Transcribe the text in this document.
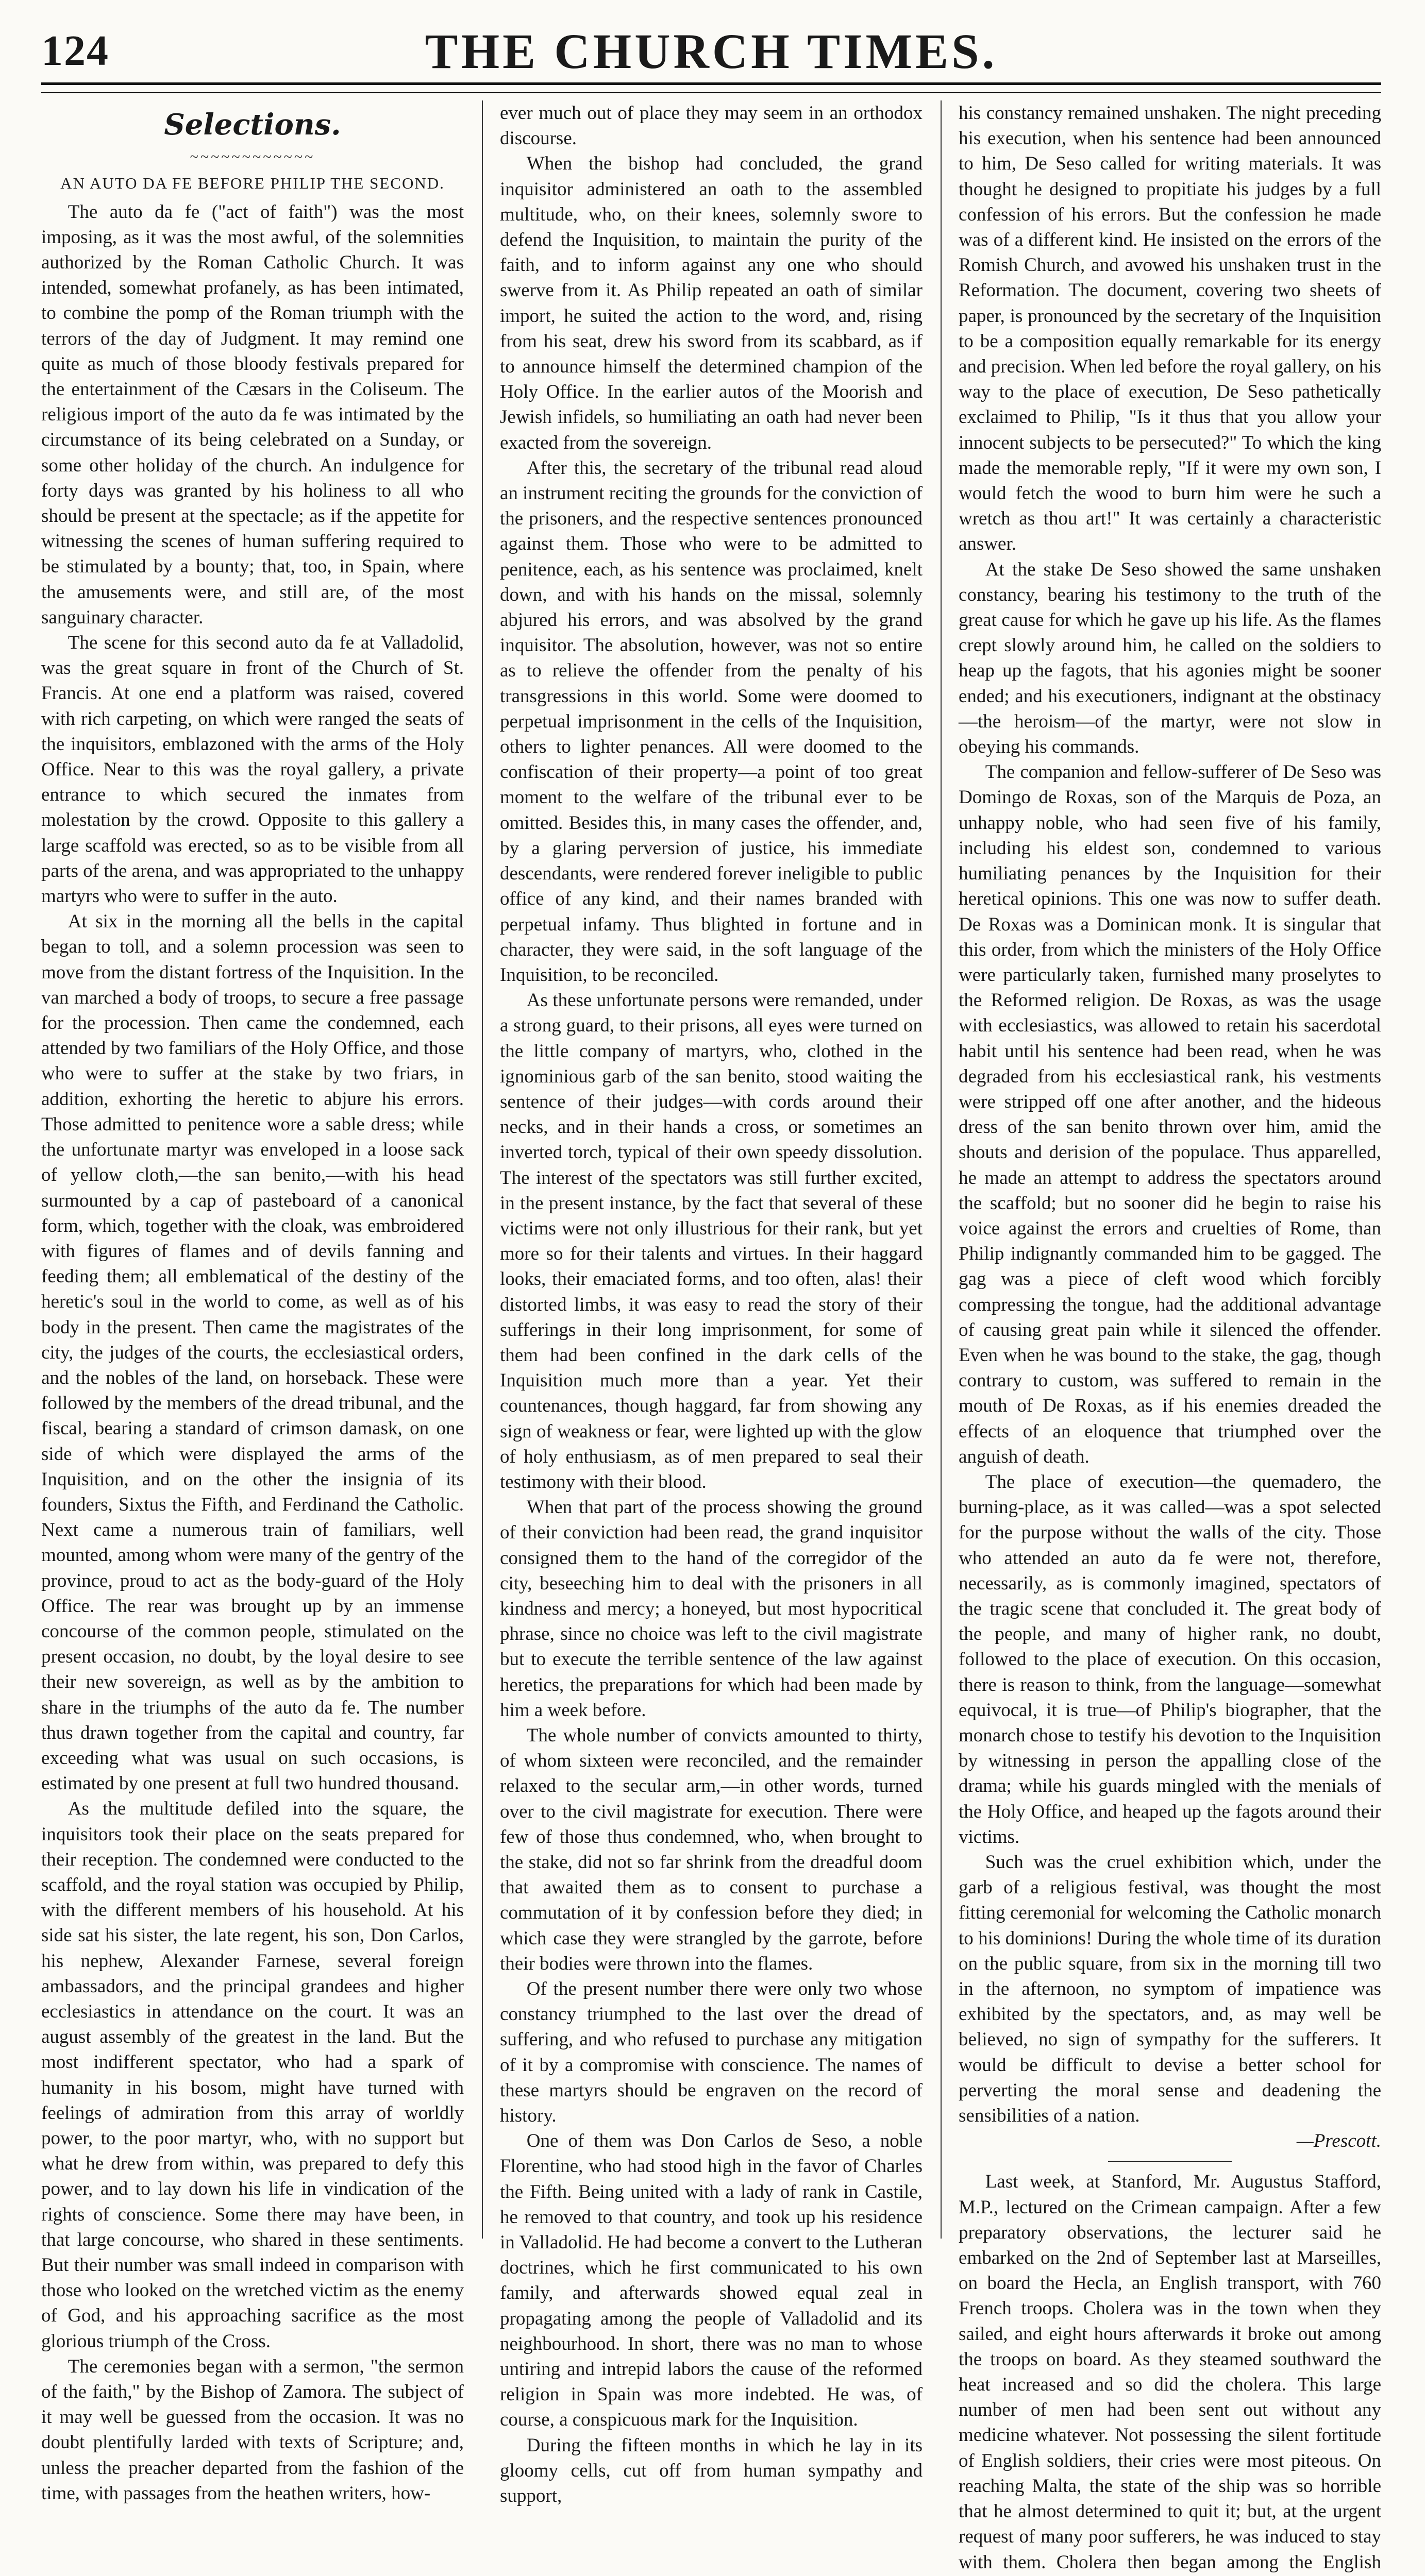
124	THE CHURCH TIMES.
Selections.
~~~~~~~~~~~~
AN AUTO DA FE BEFORE PHILIP THE SECOND.

The auto da fe ("act of faith") was the most imposing, as it was the most awful, of the solemnities authorized by the Roman Catholic Church. It was intended, somewhat profanely, as has been intimated, to combine the pomp of the Roman triumph with the terrors of the day of Judgment. It may remind one quite as much of those bloody festivals prepared for the entertainment of the Cæsars in the Coliseum. The religious import of the auto da fe was intimated by the circumstance of its being celebrated on a Sunday, or some other holiday of the church. An indulgence for forty days was granted by his holiness to all who should be present at the spectacle; as if the appetite for witnessing the scenes of human suffering required to be stimulated by a bounty; that, too, in Spain, where the amusements were, and still are, of the most sanguinary character.

The scene for this second auto da fe at Valladolid, was the great square in front of the Church of St. Francis. At one end a platform was raised, covered with rich carpeting, on which were ranged the seats of the inquisitors, emblazoned with the arms of the Holy Office. Near to this was the royal gallery, a private entrance to which secured the inmates from molestation by the crowd. Opposite to this gallery a large scaffold was erected, so as to be visible from all parts of the arena, and was appropriated to the unhappy martyrs who were to suffer in the auto.

At six in the morning all the bells in the capital began to toll, and a solemn procession was seen to move from the distant fortress of the Inquisition. In the van marched a body of troops, to secure a free passage for the procession. Then came the condemned, each attended by two familiars of the Holy Office, and those who were to suffer at the stake by two friars, in addition, exhorting the heretic to abjure his errors. Those admitted to penitence wore a sable dress; while the unfortunate martyr was enveloped in a loose sack of yellow cloth,—the san benito,—with his head surmounted by a cap of pasteboard of a canonical form, which, together with the cloak, was embroidered with figures of flames and of devils fanning and feeding them; all emblematical of the destiny of the heretic's soul in the world to come, as well as of his body in the present. Then came the magistrates of the city, the judges of the courts, the ecclesiastical orders, and the nobles of the land, on horseback. These were followed by the members of the dread tribunal, and the fiscal, bearing a standard of crimson damask, on one side of which were displayed the arms of the Inquisition, and on the other the insignia of its founders, Sixtus the Fifth, and Ferdinand the Catholic. Next came a numerous train of familiars, well mounted, among whom were many of the gentry of the province, proud to act as the body-guard of the Holy Office. The rear was brought up by an immense concourse of the common people, stimulated on the present occasion, no doubt, by the loyal desire to see their new sovereign, as well as by the ambition to share in the triumphs of the auto da fe. The number thus drawn together from the capital and country, far exceeding what was usual on such occasions, is estimated by one present at full two hundred thousand.

As the multitude defiled into the square, the inquisitors took their place on the seats prepared for their reception. The condemned were conducted to the scaffold, and the royal station was occupied by Philip, with the different members of his household. At his side sat his sister, the late regent, his son, Don Carlos, his nephew, Alexander Farnese, several foreign ambassadors, and the principal grandees and higher ecclesiastics in attendance on the court. It was an august assembly of the greatest in the land. But the most indifferent spectator, who had a spark of humanity in his bosom, might have turned with feelings of admiration from this array of worldly power, to the poor martyr, who, with no support but what he drew from within, was prepared to defy this power, and to lay down his life in vindication of the rights of conscience. Some there may have been, in that large concourse, who shared in these sentiments. But their number was small indeed in comparison with those who looked on the wretched victim as the enemy of God, and his approaching sacrifice as the most glorious triumph of the Cross.

The ceremonies began with a sermon, "the sermon of the faith," by the Bishop of Zamora. The subject of it may well be guessed from the occasion. It was no doubt plentifully larded with texts of Scripture; and, unless the preacher departed from the fashion of the time, with passages from the heathen writers, how-

ever much out of place they may seem in an orthodox discourse.

When the bishop had concluded, the grand inquisitor administered an oath to the assembled multitude, who, on their knees, solemnly swore to defend the Inquisition, to maintain the purity of the faith, and to inform against any one who should swerve from it. As Philip repeated an oath of similar import, he suited the action to the word, and, rising from his seat, drew his sword from its scabbard, as if to announce himself the determined champion of the Holy Office. In the earlier autos of the Moorish and Jewish infidels, so humiliating an oath had never been exacted from the sovereign.

After this, the secretary of the tribunal read aloud an instrument reciting the grounds for the conviction of the prisoners, and the respective sentences pronounced against them. Those who were to be admitted to penitence, each, as his sentence was proclaimed, knelt down, and with his hands on the missal, solemnly abjured his errors, and was absolved by the grand inquisitor. The absolution, however, was not so entire as to relieve the offender from the penalty of his transgressions in this world. Some were doomed to perpetual imprisonment in the cells of the Inquisition, others to lighter penances. All were doomed to the confiscation of their property—a point of too great moment to the welfare of the tribunal ever to be omitted. Besides this, in many cases the offender, and, by a glaring perversion of justice, his immediate descendants, were rendered forever ineligible to public office of any kind, and their names branded with perpetual infamy. Thus blighted in fortune and in character, they were said, in the soft language of the Inquisition, to be reconciled.

As these unfortunate persons were remanded, under a strong guard, to their prisons, all eyes were turned on the little company of martyrs, who, clothed in the ignominious garb of the san benito, stood waiting the sentence of their judges—with cords around their necks, and in their hands a cross, or sometimes an inverted torch, typical of their own speedy dissolution. The interest of the spectators was still further excited, in the present instance, by the fact that several of these victims were not only illustrious for their rank, but yet more so for their talents and virtues. In their haggard looks, their emaciated forms, and too often, alas! their distorted limbs, it was easy to read the story of their sufferings in their long imprisonment, for some of them had been confined in the dark cells of the Inquisition much more than a year. Yet their countenances, though haggard, far from showing any sign of weakness or fear, were lighted up with the glow of holy enthusiasm, as of men prepared to seal their testimony with their blood.

When that part of the process showing the ground of their conviction had been read, the grand inquisitor consigned them to the hand of the corregidor of the city, beseeching him to deal with the prisoners in all kindness and mercy; a honeyed, but most hypocritical phrase, since no choice was left to the civil magistrate but to execute the terrible sentence of the law against heretics, the preparations for which had been made by him a week before.

The whole number of convicts amounted to thirty, of whom sixteen were reconciled, and the remainder relaxed to the secular arm,—in other words, turned over to the civil magistrate for execution. There were few of those thus condemned, who, when brought to the stake, did not so far shrink from the dreadful doom that awaited them as to consent to purchase a commutation of it by confession before they died; in which case they were strangled by the garrote, before their bodies were thrown into the flames.

Of the present number there were only two whose constancy triumphed to the last over the dread of suffering, and who refused to purchase any mitigation of it by a compromise with conscience. The names of these martyrs should be engraven on the record of history.

One of them was Don Carlos de Seso, a noble Florentine, who had stood high in the favor of Charles the Fifth. Being united with a lady of rank in Castile, he removed to that country, and took up his residence in Valladolid. He had become a convert to the Lutheran doctrines, which he first communicated to his own family, and afterwards showed equal zeal in propagating among the people of Valladolid and its neighbourhood. In short, there was no man to whose untiring and intrepid labors the cause of the reformed religion in Spain was more indebted. He was, of course, a conspicuous mark for the Inquisition.

During the fifteen months in which he lay in its gloomy cells, cut off from human sympathy and support,

his constancy remained unshaken. The night preceding his execution, when his sentence had been announced to him, De Seso called for writing materials. It was thought he designed to propitiate his judges by a full confession of his errors. But the confession he made was of a different kind. He insisted on the errors of the Romish Church, and avowed his unshaken trust in the Reformation. The document, covering two sheets of paper, is pronounced by the secretary of the Inquisition to be a composition equally remarkable for its energy and precision. When led before the royal gallery, on his way to the place of execution, De Seso pathetically exclaimed to Philip, "Is it thus that you allow your innocent subjects to be persecuted?" To which the king made the memorable reply, "If it were my own son, I would fetch the wood to burn him were he such a wretch as thou art!" It was certainly a characteristic answer.

At the stake De Seso showed the same unshaken constancy, bearing his testimony to the truth of the great cause for which he gave up his life. As the flames crept slowly around him, he called on the soldiers to heap up the fagots, that his agonies might be sooner ended; and his executioners, indignant at the obstinacy—the heroism—of the martyr, were not slow in obeying his commands.

The companion and fellow-sufferer of De Seso was Domingo de Roxas, son of the Marquis de Poza, an unhappy noble, who had seen five of his family, including his eldest son, condemned to various humiliating penances by the Inquisition for their heretical opinions. This one was now to suffer death. De Roxas was a Dominican monk. It is singular that this order, from which the ministers of the Holy Office were particularly taken, furnished many proselytes to the Reformed religion. De Roxas, as was the usage with ecclesiastics, was allowed to retain his sacerdotal habit until his sentence had been read, when he was degraded from his ecclesiastical rank, his vestments were stripped off one after another, and the hideous dress of the san benito thrown over him, amid the shouts and derision of the populace. Thus apparelled, he made an attempt to address the spectators around the scaffold; but no sooner did he begin to raise his voice against the errors and cruelties of Rome, than Philip indignantly commanded him to be gagged. The gag was a piece of cleft wood which forcibly compressing the tongue, had the additional advantage of causing great pain while it silenced the offender. Even when he was bound to the stake, the gag, though contrary to custom, was suffered to remain in the mouth of De Roxas, as if his enemies dreaded the effects of an eloquence that triumphed over the anguish of death.

The place of execution—the quemadero, the burning-place, as it was called—was a spot selected for the purpose without the walls of the city. Those who attended an auto da fe were not, therefore, necessarily, as is commonly imagined, spectators of the tragic scene that concluded it. The great body of the people, and many of higher rank, no doubt, followed to the place of execution. On this occasion, there is reason to think, from the language—somewhat equivocal, it is true—of Philip's biographer, that the monarch chose to testify his devotion to the Inquisition by witnessing in person the appalling close of the drama; while his guards mingled with the menials of the Holy Office, and heaped up the fagots around their victims.

Such was the cruel exhibition which, under the garb of a religious festival, was thought the most fitting ceremonial for welcoming the Catholic monarch to his dominions! During the whole time of its duration on the public square, from six in the morning till two in the afternoon, no symptom of impatience was exhibited by the spectators, and, as may well be believed, no sign of sympathy for the sufferers. It would be difficult to devise a better school for perverting the moral sense and deadening the sensibilities of a nation.

—Prescott.

Last week, at Stanford, Mr. Augustus Stafford, M.P., lectured on the Crimean campaign. After a few preparatory observations, the lecturer said he embarked on the 2nd of September last at Marseilles, on board the Hecla, an English transport, with 760 French troops. Cholera was in the town when they sailed, and eight hours afterwards it broke out among the troops on board. As they steamed southward the heat increased and so did the cholera. This large number of men had been sent out without any medicine whatever. Not possessing the silent fortitude of English soldiers, their cries were most piteous. On reaching Malta, the state of the ship was so horrible that he almost determined to quit it; but, at the urgent request of many poor sufferers, he was induced to stay with them. Cholera then began among the English
